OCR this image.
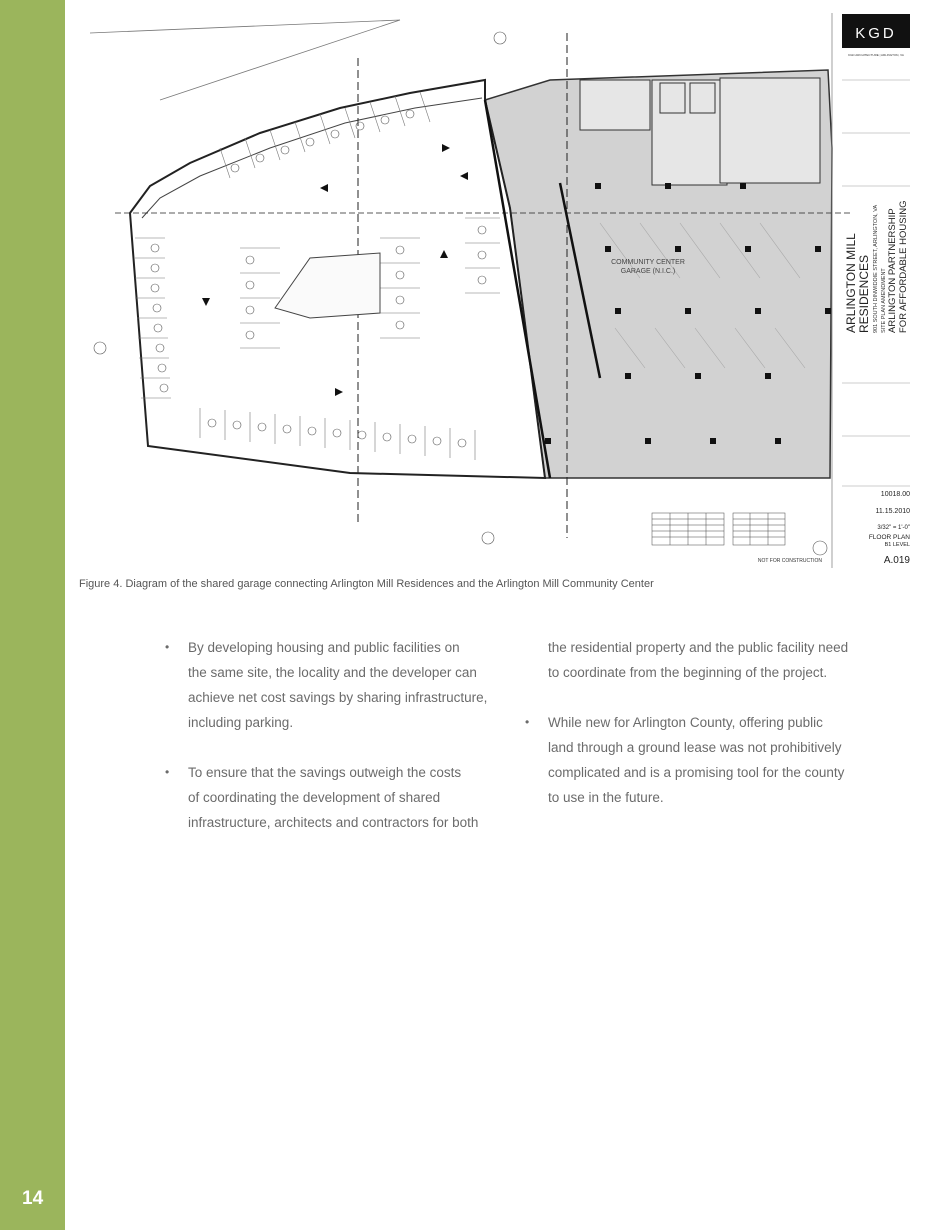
14
COMMUNITY CENTER
GARAGE (N.I.C.)
NOT FOR CONSTRUCTION
KGD
KGD ARCHITECTURE | ARLINGTON, VA
ARLINGTON MILL RESIDENCES 901 SOUTH DINWIDDIE STREET, ARLINGTON, VA SITE PLAN AMENDMENT ARLINGTON PARTNERSHIP FOR AFFORDABLE HOUSING
10018.00
11.15.2010
3/32" = 1'-0"
FLOOR PLAN
B1 LEVEL
A.019
Figure 4. Diagram of the shared garage connecting Arlington Mill Residences and the Arlington Mill Community Center
• By developing housing and public facilities on
the same site, the locality and the developer can
achieve net cost savings by sharing infrastructure,
including parking.
• To ensure that the savings outweigh the costs
of coordinating the development of shared
infrastructure, architects and contractors for both
the residential property and the public facility need
to coordinate from the beginning of the project.
• While new for Arlington County, offering public
land through a ground lease was not prohibitively
complicated and is a promising tool for the county
to use in the future.
